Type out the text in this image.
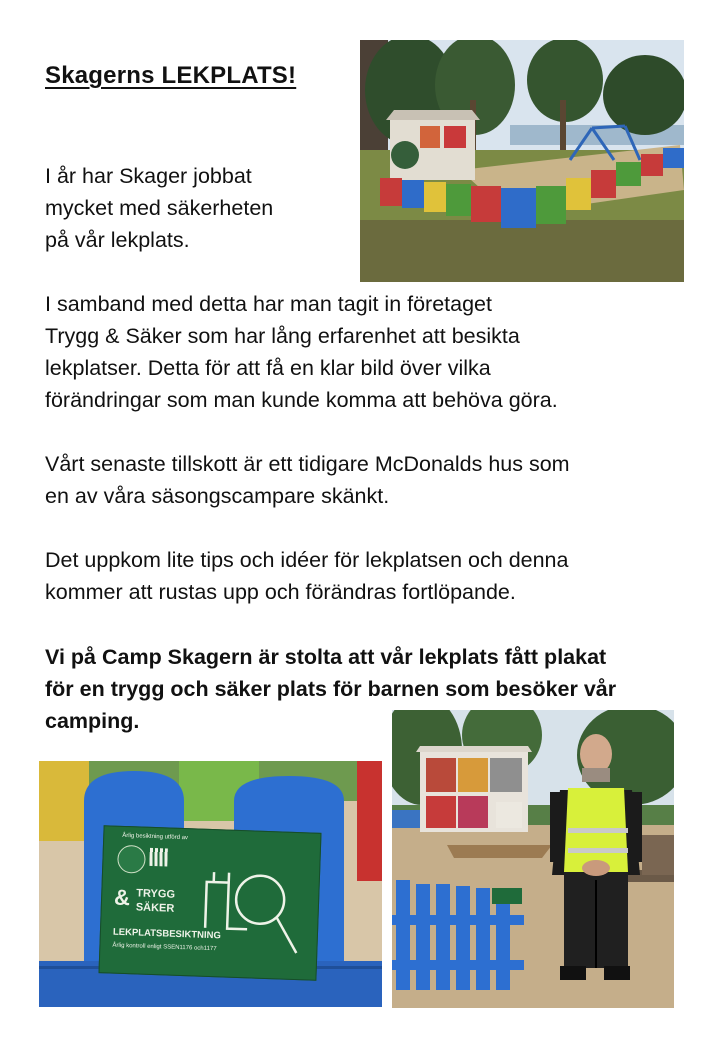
Skagerns LEKPLATS!

I år har Skager jobbat
mycket med säkerheten
på vår lekplats.

I samband med detta har man tagit in företaget
Trygg & Säker som har lång erfarenhet att besikta
lekplatser. Detta för att få en klar bild över vilka
förändringar som man kunde komma att behöva göra.

Vårt senaste tillskott är ett tidigare McDonalds hus som
en av våra säsongscampare skänkt.

Det uppkom lite tips och idéer för lekplatsen och denna
kommer att rustas upp och förändras fortlöpande.

Vi på Camp Skagern är stolta att vår lekplats fått plakat
för en trygg och säker plats för barnen som besöker vår
camping.

Årlig besiktning utförd av
& TRYGG
SÄKER
LEKPLATSBESIKTNING
Årlig kontroll enligt SSEN1176 och1177
